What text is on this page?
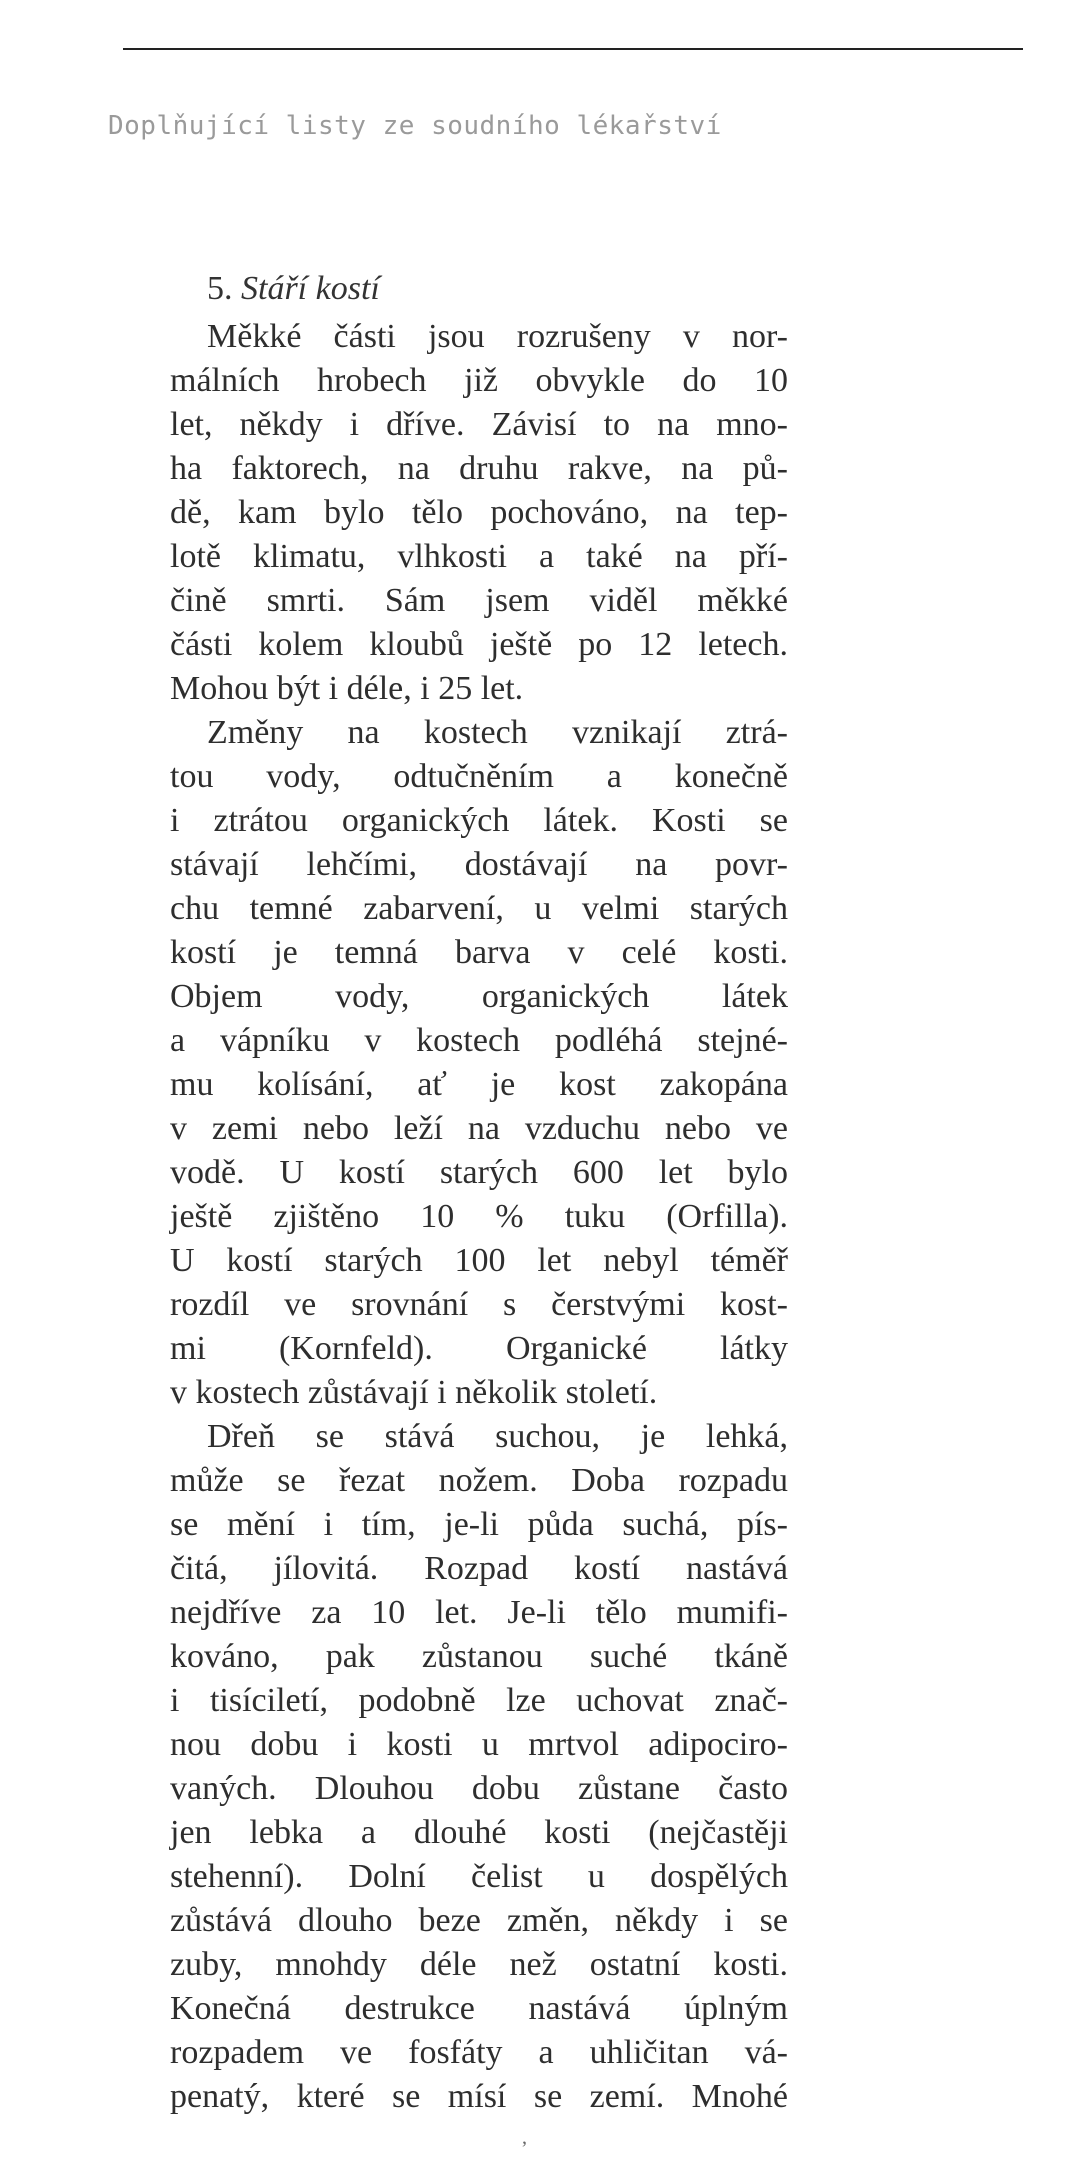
Doplňující listy ze soudního lékařství
5. Stáří kostí
Měkké části jsou rozrušeny v nor-
málních hrobech již obvykle do 10
let, někdy i dříve. Závisí to na mno-
ha faktorech, na druhu rakve, na pů-
dě, kam bylo tělo pochováno, na tep-
lotě klimatu, vlhkosti a také na pří-
čině smrti. Sám jsem viděl měkké
části kolem kloubů ještě po 12 letech.
Mohou být i déle, i 25 let.
Změny na kostech vznikají ztrá-
tou vody, odtučněním a konečně
i ztrátou organických látek. Kosti se
stávají lehčími, dostávají na povr-
chu temné zabarvení, u velmi starých
kostí je temná barva v celé kosti.
Objem vody, organických látek
a vápníku v kostech podléhá stejné-
mu kolísání, ať je kost zakopána
v zemi nebo leží na vzduchu nebo ve
vodě. U kostí starých 600 let bylo
ještě zjištěno 10 % tuku (Orfilla).
U kostí starých 100 let nebyl téměř
rozdíl ve srovnání s čerstvými kost-
mi (Kornfeld). Organické látky
v kostech zůstávají i několik století.
Dřeň se stává suchou, je lehká,
může se řezat nožem. Doba rozpadu
se mění i tím, je-li půda suchá, pís-
čitá, jílovitá. Rozpad kostí nastává
nejdříve za 10 let. Je-li tělo mumifi-
kováno, pak zůstanou suché tkáně
i tisíciletí, podobně lze uchovat znač-
nou dobu i kosti u mrtvol adipociro-
vaných. Dlouhou dobu zůstane často
jen lebka a dlouhé kosti (nejčastěji
stehenní). Dolní čelist u dospělých
zůstává dlouho beze změn, někdy i se
zuby, mnohdy déle než ostatní kosti.
Konečná destrukce nastává úplným
rozpadem ve fosfáty a uhličitan vá-
penatý, které se mísí se zemí. Mnohé
ʼ
